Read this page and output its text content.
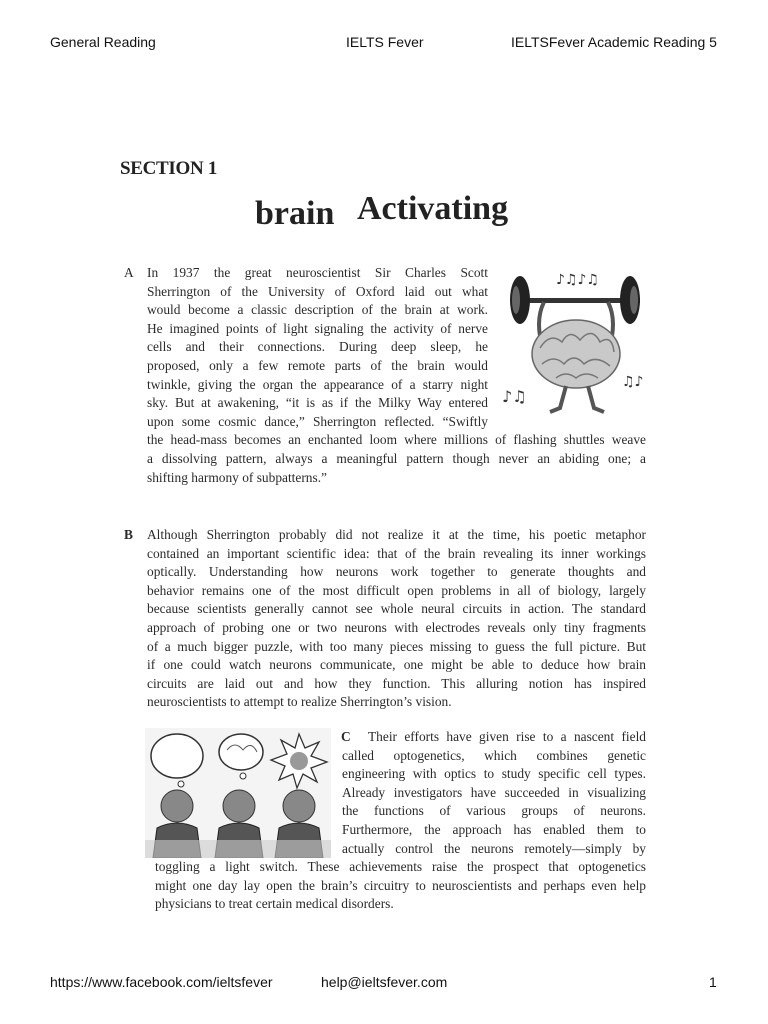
General Reading	IELTS Fever	IELTSFever Academic Reading 5
SECTION 1
brain Activating
A In 1937 the great neuroscientist Sir Charles Scott
Sherrington of the University of Oxford laid out what
would become a classic description of the brain at work.
He imagined points of light signaling the activity of nerve
cells and their connections. During deep sleep, he
proposed, only a few remote parts of the brain would
twinkle, giving the organ the appearance of a starry night
sky. But at awakening, “it is as if the Milky Way entered
upon some cosmic dance,” Sherrington reflected. “Swiftly
the head-mass becomes an enchanted loom where millions of flashing shuttles weave
a dissolving pattern, always a meaningful pattern though never an abiding one; a
shifting harmony of subpatterns.”
♪♫♪♫
♪♫
♫♪
B Although Sherrington probably did not realize it at the time, his poetic metaphor
contained an important scientific idea: that of the brain revealing its inner workings
optically. Understanding how neurons work together to generate thoughts and
behavior remains one of the most difficult open problems in all of biology, largely
because scientists generally cannot see whole neural circuits in action. The standard
approach of probing one or two neurons with electrodes reveals only tiny fragments
of a much bigger puzzle, with too many pieces missing to guess the full picture. But
if one could watch neurons communicate, one might be able to deduce how brain
circuits are laid out and how they function. This alluring notion has inspired
neuroscientists to attempt to realize Sherrington’s vision.
C Their efforts have given rise to a nascent field
called optogenetics, which combines genetic
engineering with optics to study specific cell types.
Already investigators have succeeded in visualizing
the functions of various groups of neurons.
Furthermore, the approach has enabled them to
actually control the neurons remotely—simply by
toggling a light switch. These achievements raise the prospect that optogenetics
might one day lay open the brain’s circuitry to neuroscientists and perhaps even help
physicians to treat certain medical disorders.
https://www.facebook.com/ieltsfever	help@ieltsfever.com	1
